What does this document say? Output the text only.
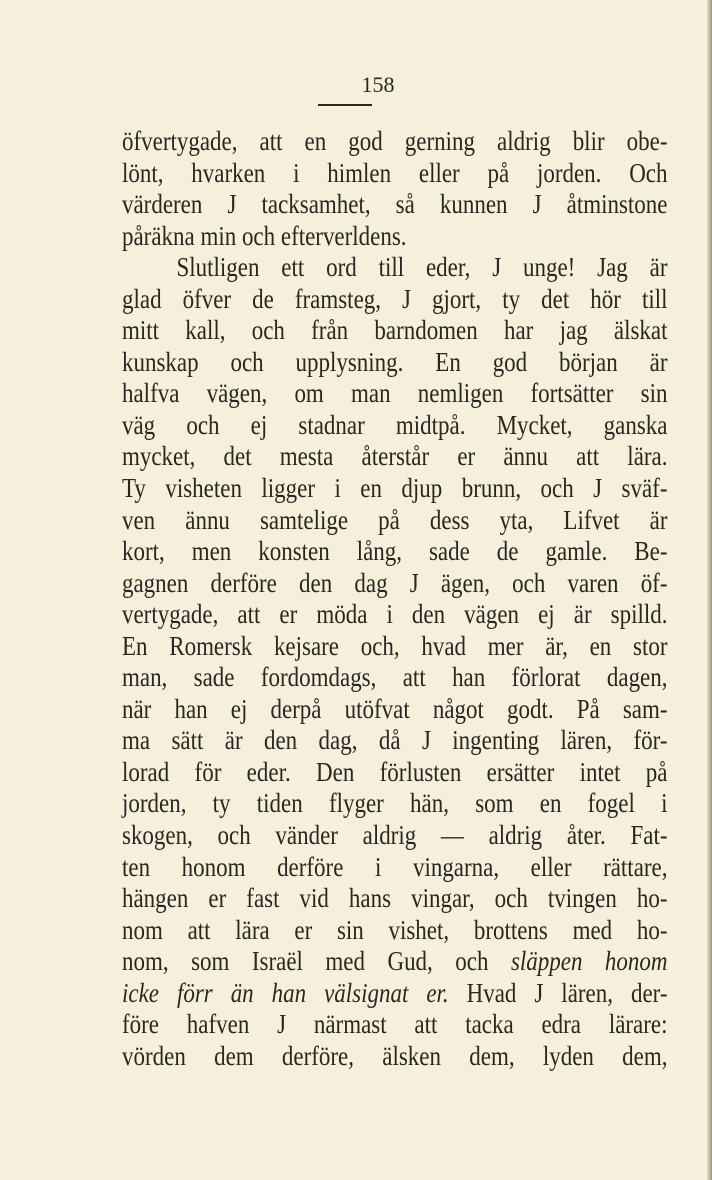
158
öfvertygade, att en god gerning aldrig blir obe-
lönt, hvarken i himlen eller på jorden. Och
värderen J tacksamhet, så kunnen J åtminstone
påräkna min och efterverldens.
Slutligen ett ord till eder, J unge! Jag är
glad öfver de framsteg, J gjort, ty det hör till
mitt kall, och från barndomen har jag älskat
kunskap och upplysning. En god början är
halfva vägen, om man nemligen fortsätter sin
väg och ej stadnar midtpå. Mycket, ganska
mycket, det mesta återstår er ännu att lära.
Ty visheten ligger i en djup brunn, och J sväf-
ven ännu samtelige på dess yta, Lifvet är
kort, men konsten lång, sade de gamle. Be-
gagnen derföre den dag J ägen, och varen öf-
vertygade, att er möda i den vägen ej är spilld.
En Romersk kejsare och, hvad mer är, en stor
man, sade fordomdags, att han förlorat dagen,
när han ej derpå utöfvat något godt. På sam-
ma sätt är den dag, då J ingenting lären, för-
lorad för eder. Den förlusten ersätter intet på
jorden, ty tiden flyger hän, som en fogel i
skogen, och vänder aldrig — aldrig åter. Fat-
ten honom derföre i vingarna, eller rättare,
hängen er fast vid hans vingar, och tvingen ho-
nom att lära er sin vishet, brottens med ho-
nom, som Israël med Gud, och släppen honom
icke förr än han välsignat er. Hvad J lären, der-
före hafven J närmast att tacka edra lärare:
vörden dem derföre, älsken dem, lyden dem,
